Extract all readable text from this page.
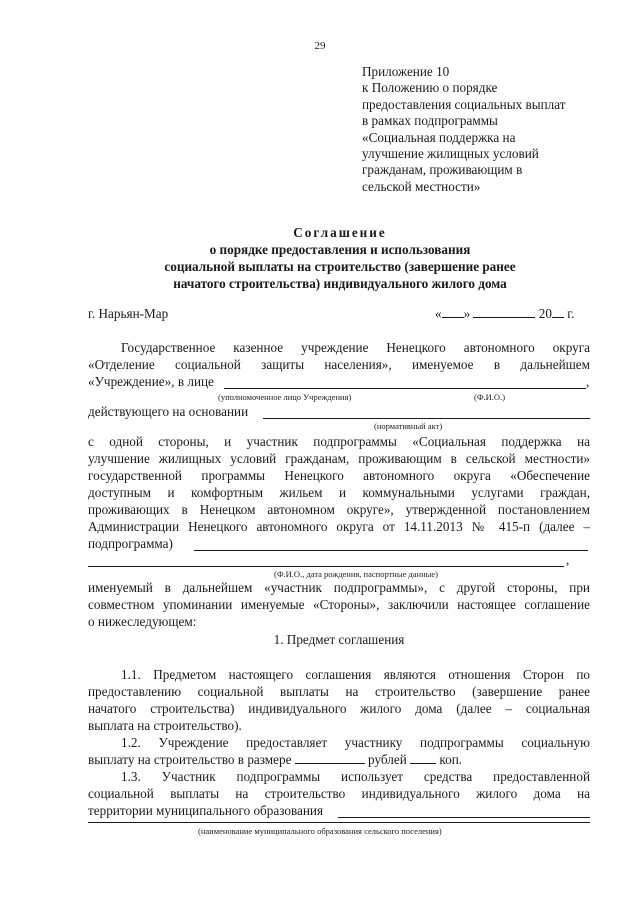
29
Приложение 10
к Положению о порядке
предоставления социальных выплат
в рамках подпрограммы
«Социальная поддержка на
улучшение жилищных условий
гражданам, проживающим в
сельской местности»
Соглашение
о порядке предоставления и использования
социальной выплаты на строительство (завершение ранее
начатого строительства) индивидуального жилого дома
г. Нарьян-Мар	« »	20 г.
Государственное казенное учреждение Ненецкого автономного округа
«Отделение социальной защиты населения», именуемое в дальнейшем
«Учреждение», в лице	,
(уполномоченное лицо Учреждения)	(Ф.И.О.)
действующего на основании
(нормативный акт)
с одной стороны, и участник подпрограммы «Социальная поддержка на
улучшение жилищных условий гражданам, проживающим в сельской местности»
государственной программы Ненецкого автономного округа «Обеспечение
доступным и комфортным жильем и коммунальными услугами граждан,
проживающих в Ненецком автономном округе», утвержденной постановлением
Администрации Ненецкого автономного округа от 14.11.2013 № 415-п (далее –
подпрограмма)
,
(Ф.И.О., дата рождения, паспортные данные)
именуемый в дальнейшем «участник подпрограммы», с другой стороны, при
совместном упоминании именуемые «Стороны», заключили настоящее соглашение
о нижеследующем:
1. Предмет соглашения
1.1. Предметом настоящего соглашения являются отношения Сторон по
предоставлению социальной выплаты на строительство (завершение ранее
начатого строительства) индивидуального жилого дома (далее – социальная
выплата на строительство).
1.2. Учреждение предоставляет участнику подпрограммы социальную
выплату на строительство в размере	рублей коп.
1.3. Участник подпрограммы использует средства предоставленной
социальной выплаты на строительство индивидуального жилого дома на
территории муниципального образования
(наименование муниципального образования сельского поселения)
